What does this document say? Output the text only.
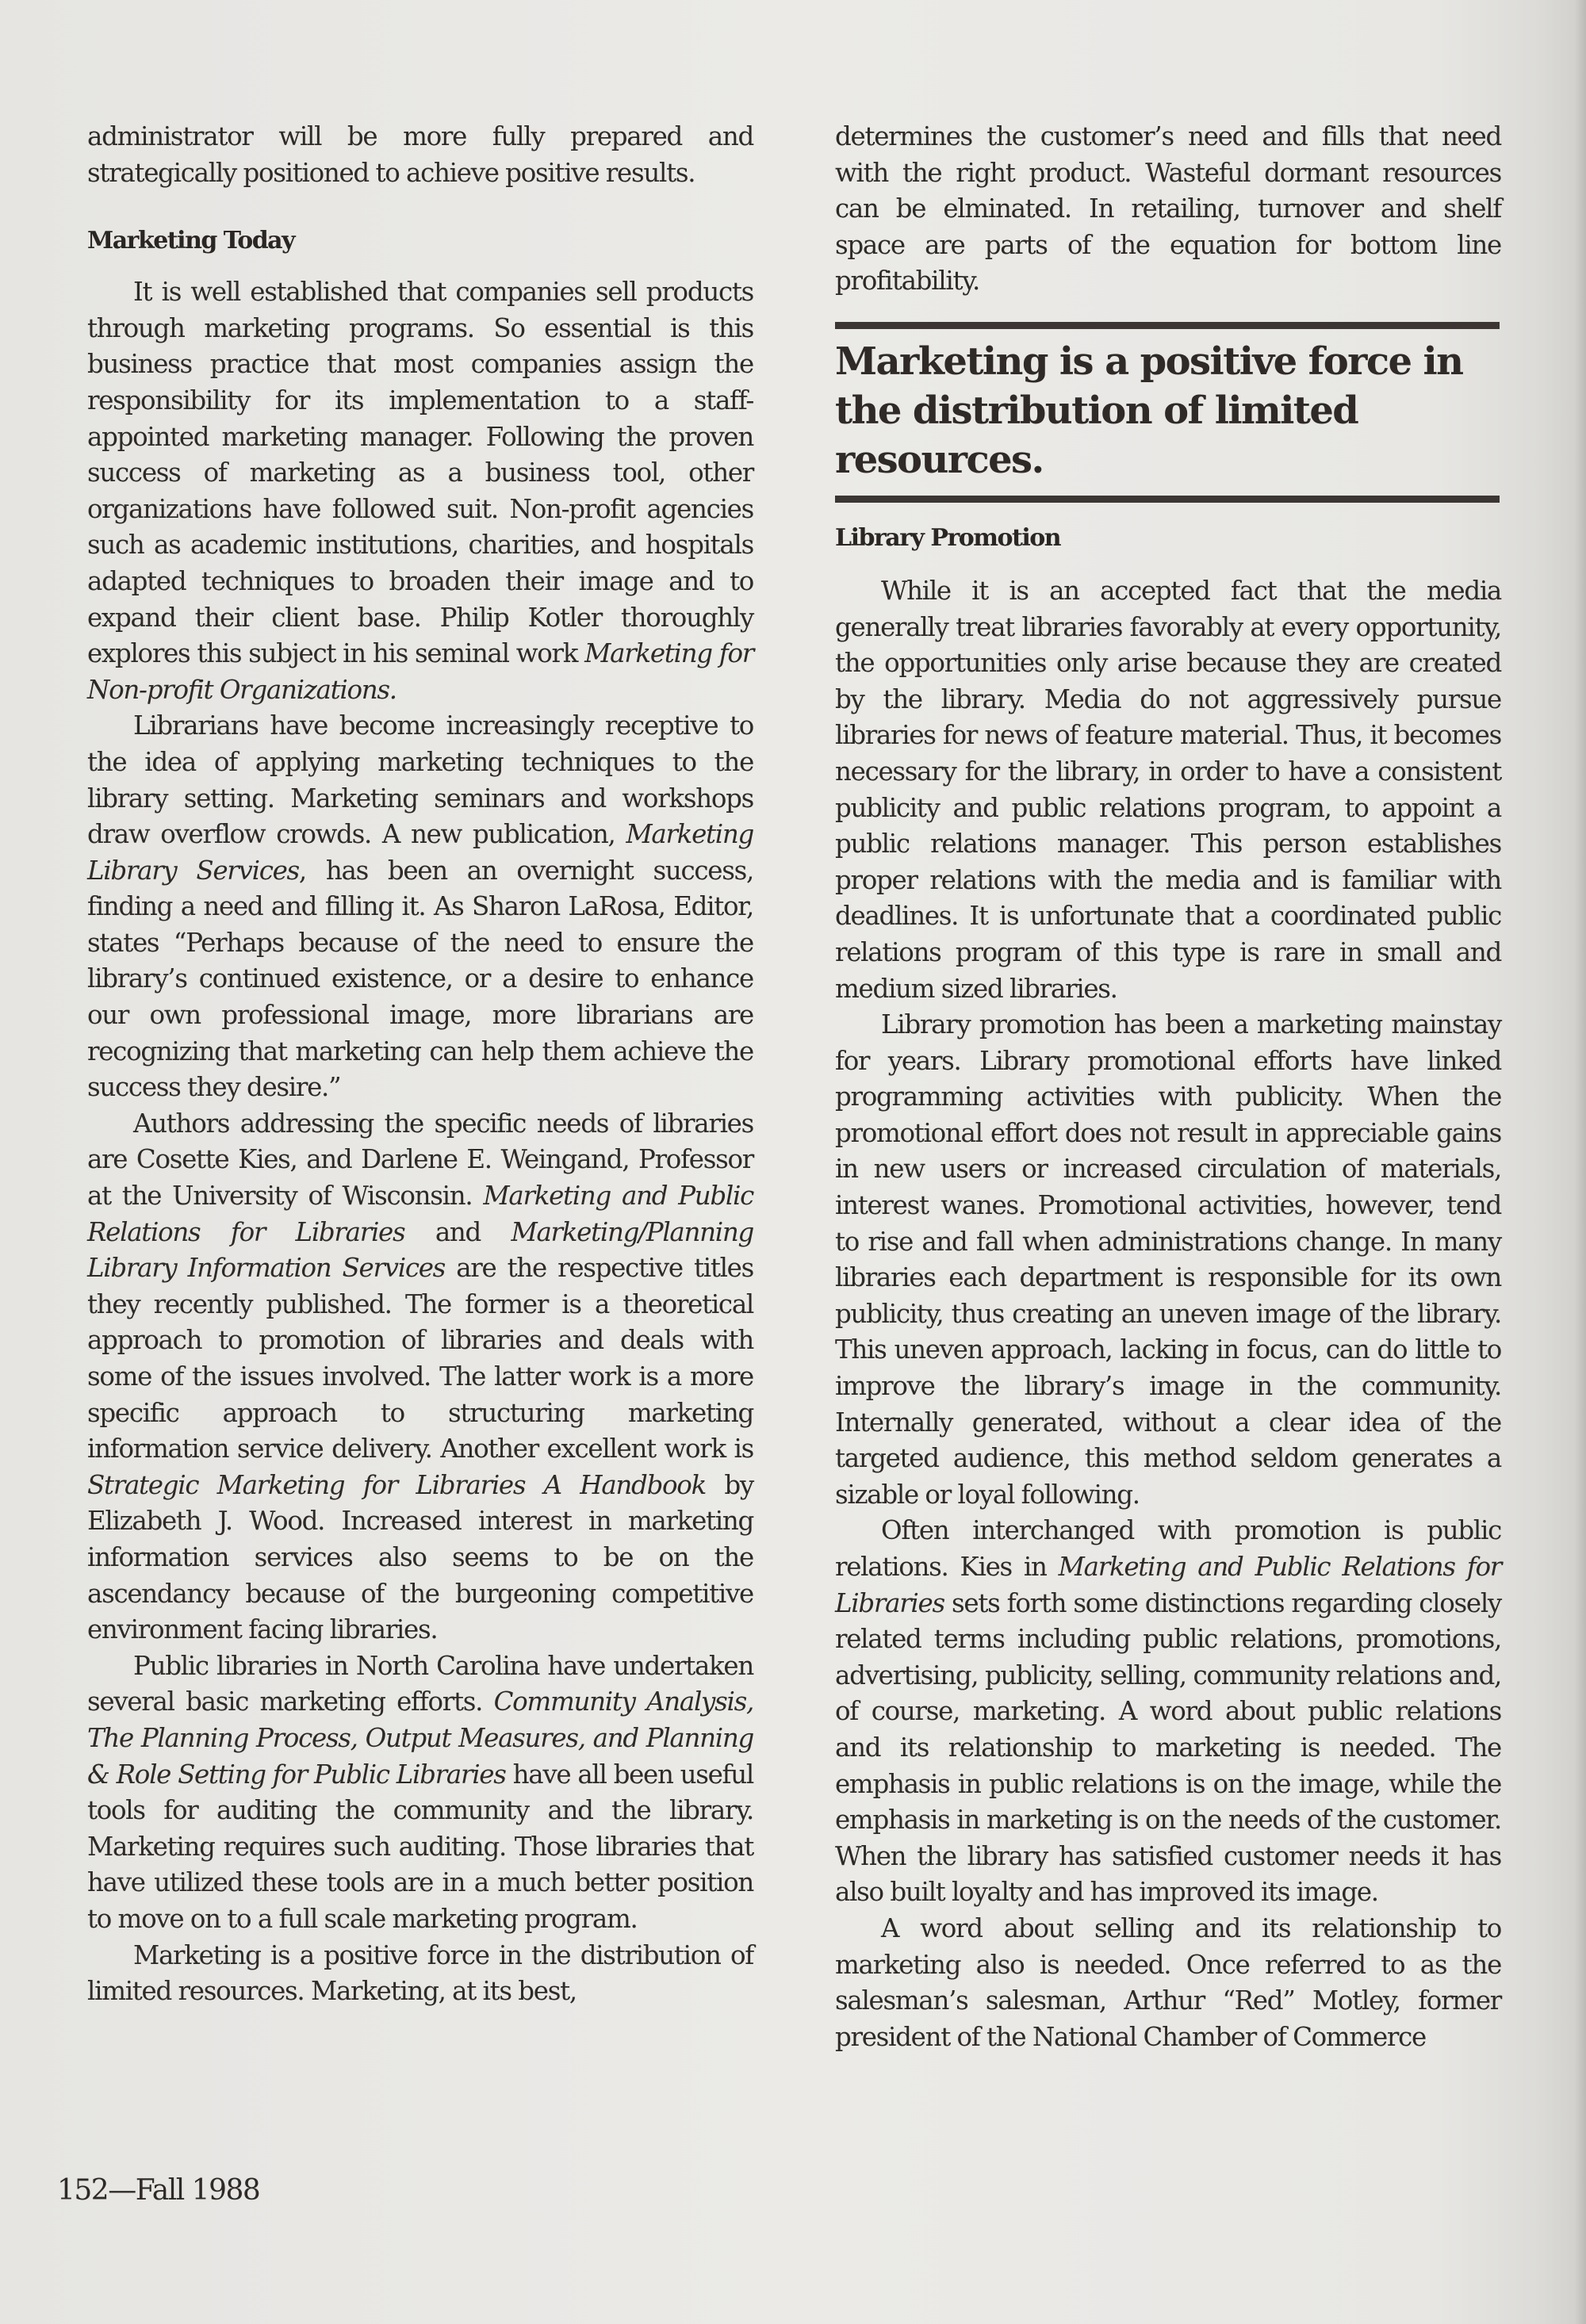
administrator will be more fully prepared and strategically positioned to achieve positive results.

Marketing Today

It is well established that companies sell products through marketing programs. So essential is this business practice that most companies assign the responsibility for its implementation to a staff-appointed marketing manager. Following the proven success of marketing as a business tool, other organizations have followed suit. Non-profit agencies such as academic institutions, charities, and hospitals adapted techniques to broaden their image and to expand their client base. Philip Kotler thoroughly explores this subject in his seminal work Marketing for Non-profit Organizations.

Librarians have become increasingly receptive to the idea of applying marketing techniques to the library setting. Marketing seminars and workshops draw overflow crowds. A new publication, Marketing Library Services, has been an overnight success, finding a need and filling it. As Sharon LaRosa, Editor, states “Perhaps because of the need to ensure the library’s continued existence, or a desire to enhance our own professional image, more librarians are recognizing that marketing can help them achieve the success they desire.”

Authors addressing the specific needs of libraries are Cosette Kies, and Darlene E. Weingand, Professor at the University of Wisconsin. Marketing and Public Relations for Libraries and Marketing/Planning Library Information Services are the respective titles they recently published. The former is a theoretical approach to promotion of libraries and deals with some of the issues involved. The latter work is a more specific approach to structuring marketing information service delivery. Another excellent work is Strategic Marketing for Libraries A Handbook by Elizabeth J. Wood. Increased interest in marketing information services also seems to be on the ascendancy because of the burgeoning competitive environment facing libraries.

Public libraries in North Carolina have undertaken several basic marketing efforts. Community Analysis, The Planning Process, Output Measures, and Planning & Role Setting for Public Libraries have all been useful tools for auditing the community and the library. Marketing requires such auditing. Those libraries that have utilized these tools are in a much better position to move on to a full scale marketing program.

Marketing is a positive force in the distribution of limited resources. Marketing, at its best,

determines the customer’s need and fills that need with the right product. Wasteful dormant resources can be elminated. In retailing, turnover and shelf space are parts of the equation for bottom line profitability.

Marketing is a positive force in the distribution of limited resources.
Library Promotion

While it is an accepted fact that the media generally treat libraries favorably at every opportunity, the opportunities only arise because they are created by the library. Media do not aggressively pursue libraries for news of feature material. Thus, it becomes necessary for the library, in order to have a consistent publicity and public relations program, to appoint a public relations manager. This person establishes proper relations with the media and is familiar with deadlines. It is unfortunate that a coordinated public relations program of this type is rare in small and medium sized libraries.

Library promotion has been a marketing mainstay for years. Library promotional efforts have linked programming activities with publicity. When the promotional effort does not result in appreciable gains in new users or increased circulation of materials, interest wanes. Promotional activities, however, tend to rise and fall when administrations change. In many libraries each department is responsible for its own publicity, thus creating an uneven image of the library. This uneven approach, lacking in focus, can do little to improve the library’s image in the community. Internally generated, without a clear idea of the targeted audience, this method seldom generates a sizable or loyal following.

Often interchanged with promotion is public relations. Kies in Marketing and Public Relations for Libraries sets forth some distinctions regarding closely related terms including public relations, promotions, advertising, publicity, selling, community relations and, of course, marketing. A word about public relations and its relationship to marketing is needed. The emphasis in public relations is on the image, while the emphasis in marketing is on the needs of the customer. When the library has satisfied customer needs it has also built loyalty and has improved its image.

A word about selling and its relationship to marketing also is needed. Once referred to as the salesman’s salesman, Arthur “Red” Motley, former president of the National Chamber of Commerce

152—Fall 1988
